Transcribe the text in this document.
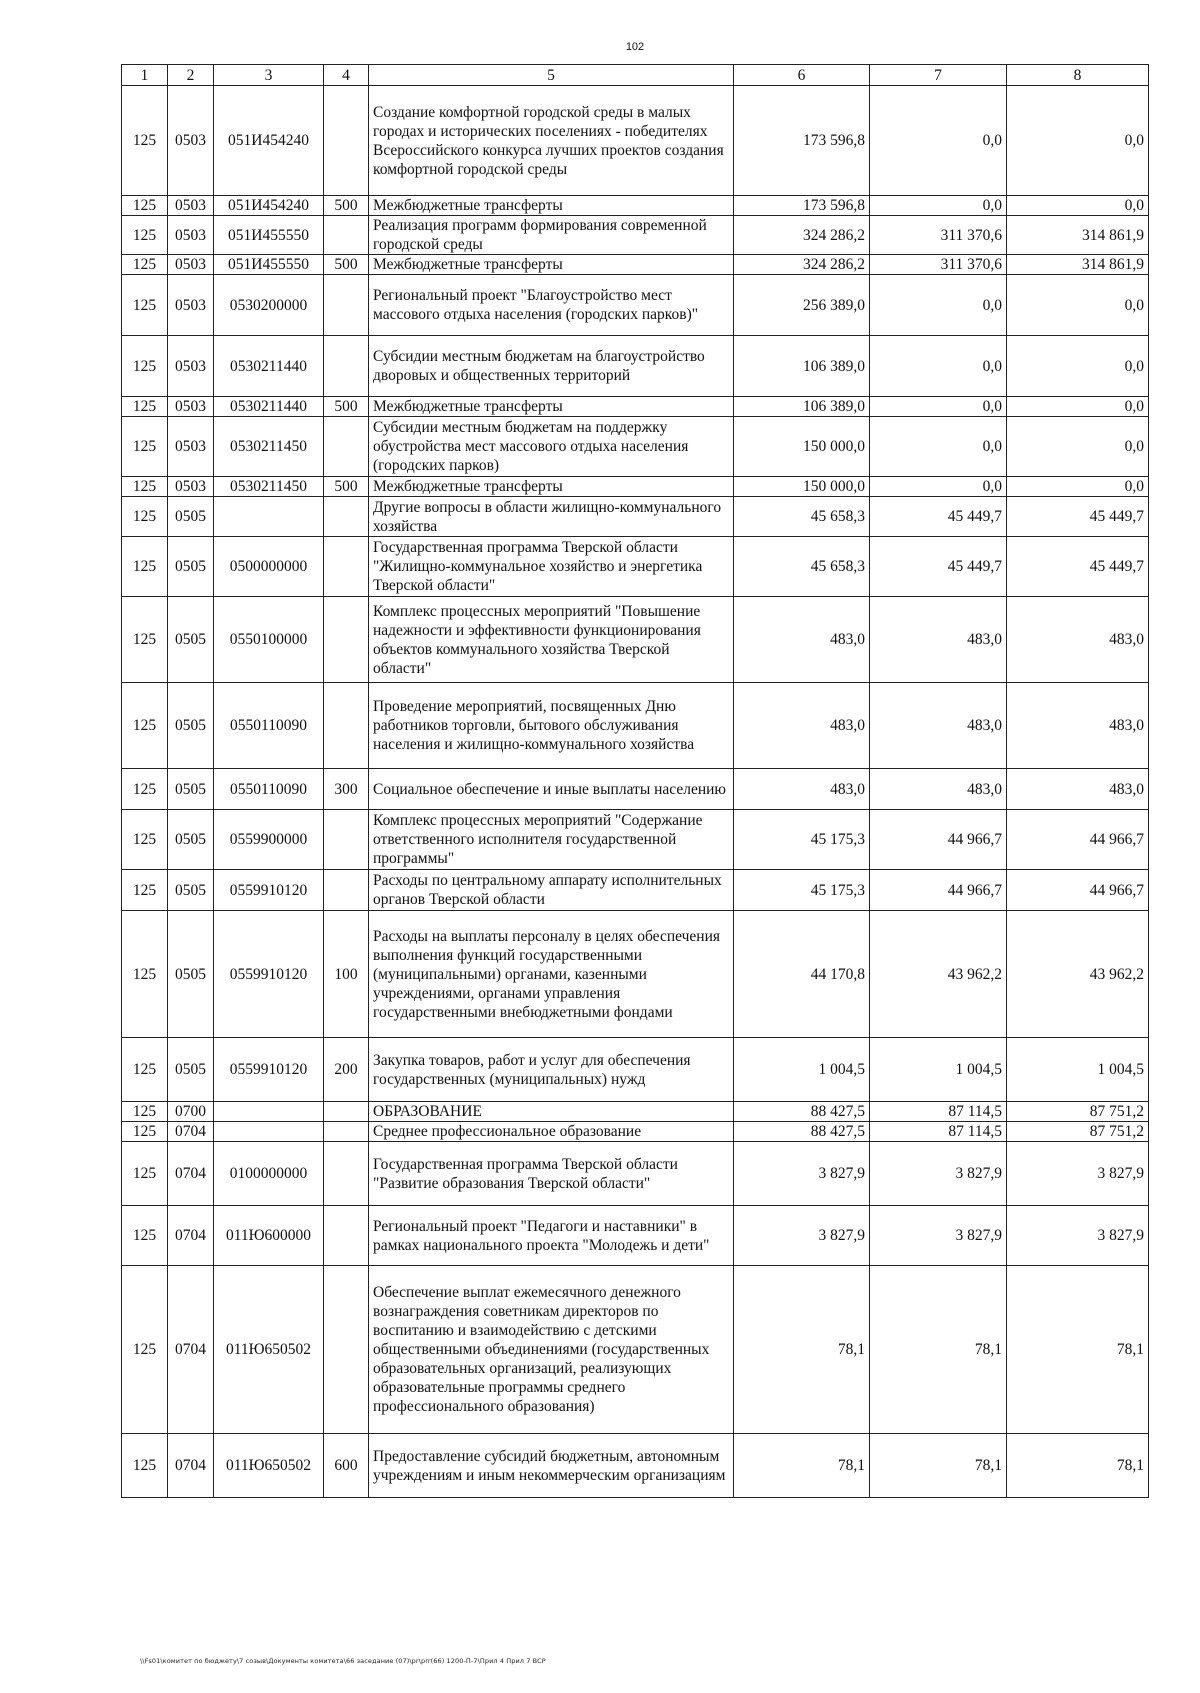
102
1	2	3	4	5	6	7	8
125	0503	051И454240		Создание комфортной городской среды в малых городах и исторических поселениях - победителях Всероссийского конкурса лучших проектов создания комфортной городской среды	173 596,8	0,0	0,0
125	0503	051И454240	500	Межбюджетные трансферты	173 596,8	0,0	0,0
125	0503	051И455550		Реализация программ формирования современной городской среды	324 286,2	311 370,6	314 861,9
125	0503	051И455550	500	Межбюджетные трансферты	324 286,2	311 370,6	314 861,9
125	0503	0530200000		Региональный проект "Благоустройство мест массового отдыха населения (городских парков)"	256 389,0	0,0	0,0
125	0503	0530211440		Субсидии местным бюджетам на благоустройство дворовых и общественных территорий	106 389,0	0,0	0,0
125	0503	0530211440	500	Межбюджетные трансферты	106 389,0	0,0	0,0
125	0503	0530211450		Субсидии местным бюджетам на поддержку обустройства мест массового отдыха населения (городских парков)	150 000,0	0,0	0,0
125	0503	0530211450	500	Межбюджетные трансферты	150 000,0	0,0	0,0
125	0505			Другие вопросы в области жилищно-коммунального хозяйства	45 658,3	45 449,7	45 449,7
125	0505	0500000000		Государственная программа Тверской области "Жилищно-коммунальное хозяйство и энергетика Тверской области"	45 658,3	45 449,7	45 449,7
125	0505	0550100000		Комплекс процессных мероприятий "Повышение надежности и эффективности функционирования объектов коммунального хозяйства Тверской области"	483,0	483,0	483,0
125	0505	0550110090		Проведение мероприятий, посвященных Дню работников торговли, бытового обслуживания населения и жилищно-коммунального хозяйства	483,0	483,0	483,0
125	0505	0550110090	300	Социальное обеспечение и иные выплаты населению	483,0	483,0	483,0
125	0505	0559900000		Комплекс процессных мероприятий "Содержание ответственного исполнителя государственной программы"	45 175,3	44 966,7	44 966,7
125	0505	0559910120		Расходы по центральному аппарату исполнительных органов Тверской области	45 175,3	44 966,7	44 966,7
125	0505	0559910120	100	Расходы на выплаты персоналу в целях обеспечения выполнения функций государственными (муниципальными) органами, казенными учреждениями, органами управления государственными внебюджетными фондами	44 170,8	43 962,2	43 962,2
125	0505	0559910120	200	Закупка товаров, работ и услуг для обеспечения государственных (муниципальных) нужд	1 004,5	1 004,5	1 004,5
125	0700			ОБРАЗОВАНИЕ	88 427,5	87 114,5	87 751,2
125	0704			Среднее профессиональное образование	88 427,5	87 114,5	87 751,2
125	0704	0100000000		Государственная программа Тверской области "Развитие образования Тверской области"	3 827,9	3 827,9	3 827,9
125	0704	011Ю600000		Региональный проект "Педагоги и наставники" в рамках национального проекта "Молодежь и дети"	3 827,9	3 827,9	3 827,9
125	0704	011Ю650502		Обеспечение выплат ежемесячного денежного вознаграждения советникам директоров по воспитанию и взаимодействию с детскими общественными объединениями (государственных образовательных организаций, реализующих образовательные программы среднего профессионального образования)	78,1	78,1	78,1
125	0704	011Ю650502	600	Предоставление субсидий бюджетным, автономным учреждениям и иным некоммерческим организациям	78,1	78,1	78,1
\\Fs01\комитет по бюджету\7 созыв\Документы комитета\66 заседание (07)\pr\prr(66) 1200-П-7\Прил 4 Прил 7 ВСР
